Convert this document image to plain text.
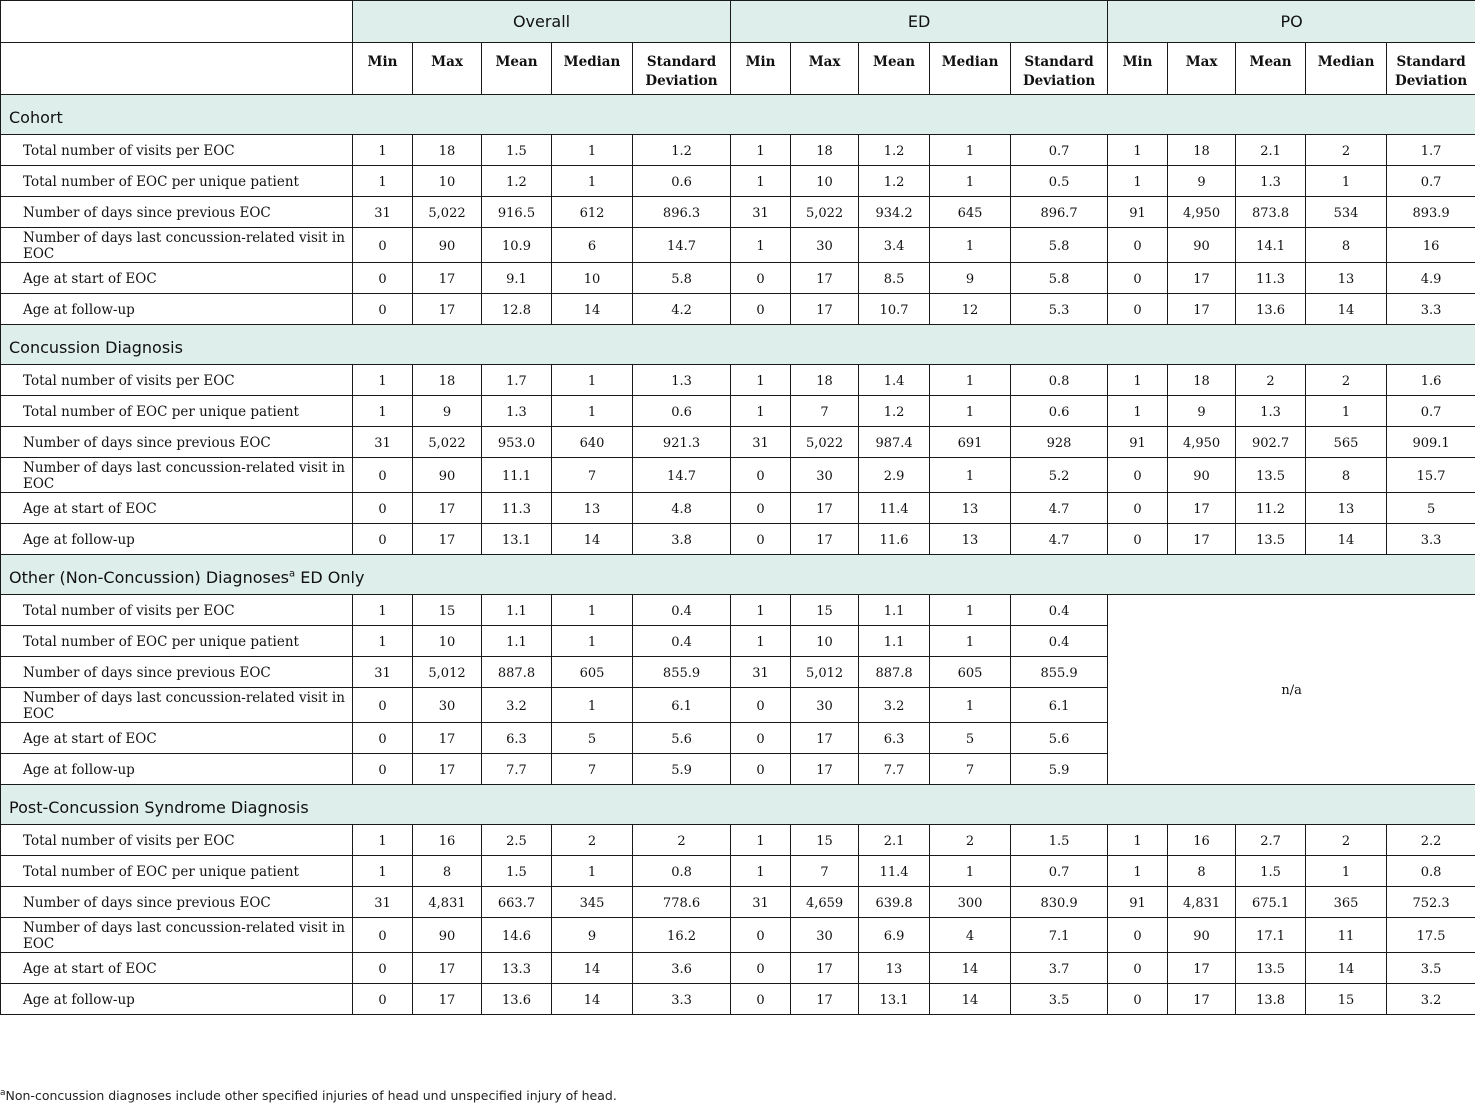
	Overall					ED					PO				
	Min	Max	Mean	Median	Standard Deviation	Min	Max	Mean	Median	Standard Deviation	Min	Max	Mean	Median	Standard Deviation
Cohort															
Total number of visits per EOC	1	18	1.5	1	1.2	1	18	1.2	1	0.7	1	18	2.1	2	1.7
Total number of EOC per unique patient	1	10	1.2	1	0.6	1	10	1.2	1	0.5	1	9	1.3	1	0.7
Number of days since previous EOC	31	5,022	916.5	612	896.3	31	5,022	934.2	645	896.7	91	4,950	873.8	534	893.9
Number of days last concussion-related visit in EOC	0	90	10.9	6	14.7	1	30	3.4	1	5.8	0	90	14.1	8	16
Age at start of EOC	0	17	9.1	10	5.8	0	17	8.5	9	5.8	0	17	11.3	13	4.9
Age at follow-up	0	17	12.8	14	4.2	0	17	10.7	12	5.3	0	17	13.6	14	3.3
Concussion Diagnosis															
Total number of visits per EOC	1	18	1.7	1	1.3	1	18	1.4	1	0.8	1	18	2	2	1.6
Total number of EOC per unique patient	1	9	1.3	1	0.6	1	7	1.2	1	0.6	1	9	1.3	1	0.7
Number of days since previous EOC	31	5,022	953.0	640	921.3	31	5,022	987.4	691	928	91	4,950	902.7	565	909.1
Number of days last concussion-related visit in EOC	0	90	11.1	7	14.7	0	30	2.9	1	5.2	0	90	13.5	8	15.7
Age at start of EOC	0	17	11.3	13	4.8	0	17	11.4	13	4.7	0	17	11.2	13	5
Age at follow-up	0	17	13.1	14	3.8	0	17	11.6	13	4.7	0	17	13.5	14	3.3
Other (Non-Concussion) Diagnoses$^a$ ED Only															
Total number of visits per EOC	1	15	1.1	1	0.4	1	15	1.1	1	0.4	n/a				
Total number of EOC per unique patient	1	10	1.1	1	0.4	1	10	1.1	1	0.4					
Number of days since previous EOC	31	5,012	887.8	605	855.9	31	5,012	887.8	605	855.9					
Number of days last concussion-related visit in EOC	0	30	3.2	1	6.1	0	30	3.2	1	6.1					
Age at start of EOC	0	17	6.3	5	5.6	0	17	6.3	5	5.6					
Age at follow-up	0	17	7.7	7	5.9	0	17	7.7	7	5.9					
Post-Concussion Syndrome Diagnosis															
Total number of visits per EOC	1	16	2.5	2	2	1	15	2.1	2	1.5	1	16	2.7	2	2.2
Total number of EOC per unique patient	1	8	1.5	1	0.8	1	7	11.4	1	0.7	1	8	1.5	1	0.8
Number of days since previous EOC	31	4,831	663.7	345	778.6	31	4,659	639.8	300	830.9	91	4,831	675.1	365	752.3
Number of days last concussion-related visit in EOC	0	90	14.6	9	16.2	0	30	6.9	4	7.1	0	90	17.1	11	17.5
Age at start of EOC	0	17	13.3	14	3.6	0	17	13	14	3.7	0	17	13.5	14	3.5
Age at follow-up	0	17	13.6	14	3.3	0	17	13.1	14	3.5	0	17	13.8	15	3.2
$^a$Non-concussion diagnoses include other specified injuries of head und unspecified injury of head.
